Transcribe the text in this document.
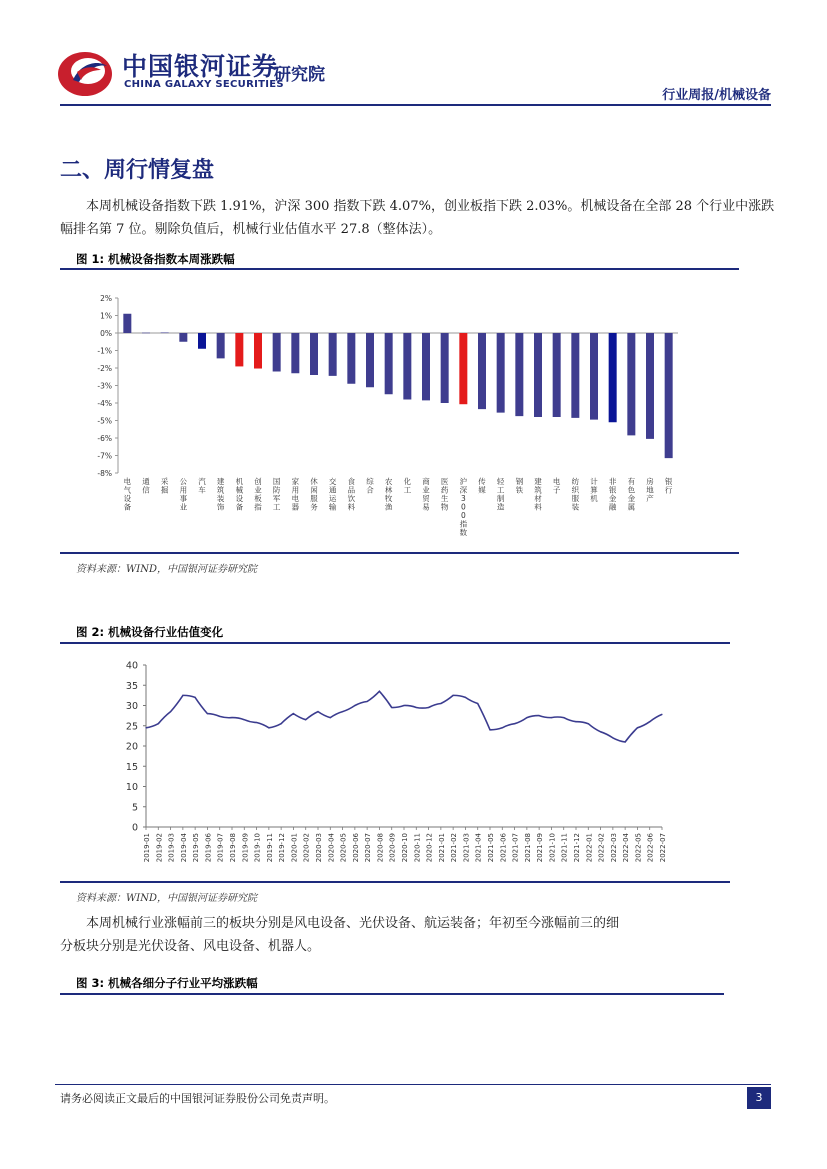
中国银河证券
CHINA GALAXY SECURITIES
研究院
行业周报/机械设备
二、周行情复盘
本周机械设备指数下跌 1.91%，沪深 300 指数下跌 4.07%，创业板指下跌 2.03%。机械设备在全部 28 个行业中涨跌幅排名第 7 位。剔除负值后，机械行业估值水平 27.8（整体法）。
图 1: 机械设备指数本周涨跌幅
2%
1%
0%
-1%
-2%
-3%
-4%
-5%
-6%
-7%
-8%
电气设备
通信
采掘
公用事业
汽车
建筑装饰
机械设备
创业板指
国防军工
家用电器
休闲服务
交通运输
食品饮料
综合
农林牧渔
化工
商业贸易
医药生物
沪深 3 0 0 指数
传媒
轻工制造
钢铁
建筑材料
电子
纺织服装
计算机
非银金融
有色金属
房地产
银行
资料来源：WIND，中国银河证券研究院
图 2: 机械设备行业估值变化
40
35
30
25
20
15
10
5
0
2019-01 2019-02 2019-03 2019-04 2019-05 2019-06 2019-07 2019-08 2019-09 2019-10 2019-11 2019-12 2020-01 2020-02 2020-03 2020-04 2020-05 2020-06 2020-07 2020-08 2020-09 2020-10 2020-11 2020-12 2021-01 2021-02 2021-03 2021-04 2021-05 2021-06 2021-07 2021-08 2021-09 2021-10 2021-11 2021-12 2022-01 2022-02 2022-03 2022-04 2022-05 2022-06 2022-07
资料来源：WIND，中国银河证券研究院
本周机械行业涨幅前三的板块分别是风电设备、光伏设备、航运装备；年初至今涨幅前三的细分板块分别是光伏设备、风电设备、机器人。
图 3: 机械各细分子行业平均涨跌幅
请务必阅读正文最后的中国银河证券股份公司免责声明。	3
